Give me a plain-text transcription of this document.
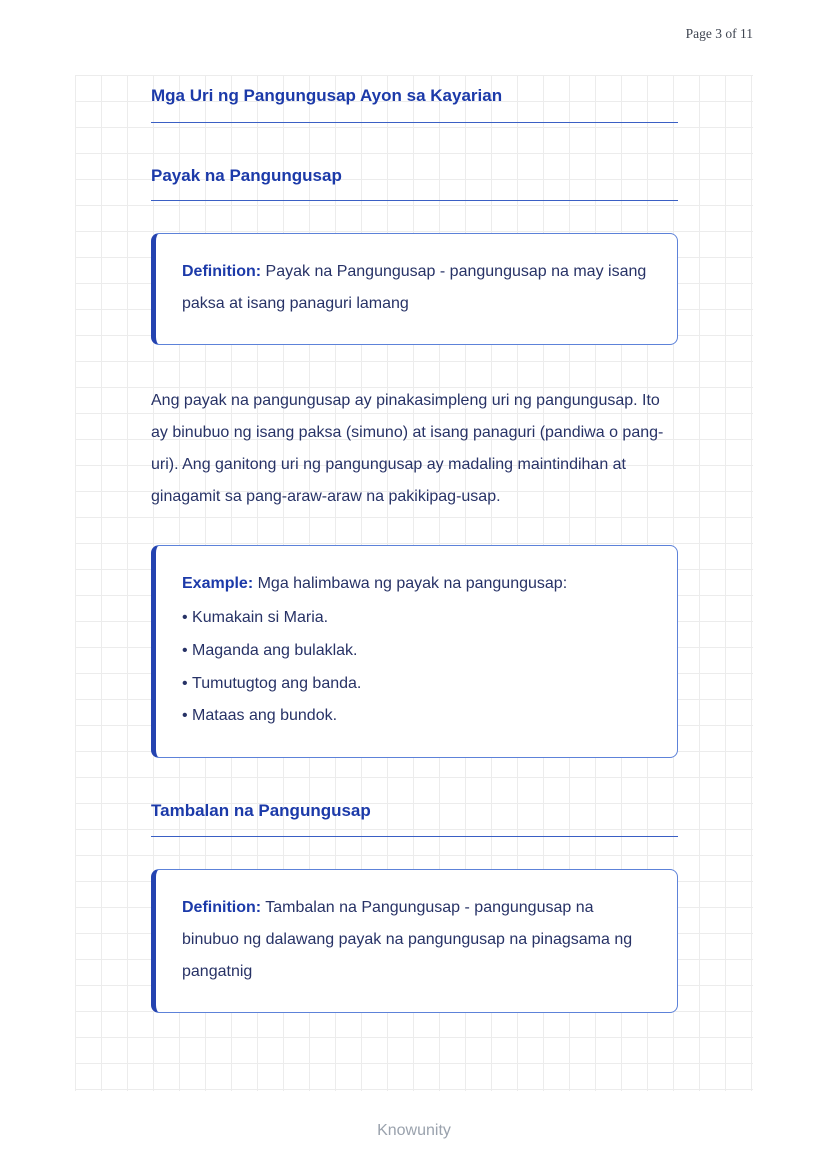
Page 3 of 11
Mga Uri ng Pangungusap Ayon sa Kayarian
Payak na Pangungusap

Definition: Payak na Pangungusap - pangungusap na may isang paksa at isang panaguri lamang

Ang payak na pangungusap ay pinakasimpleng uri ng pangungusap. Ito ay binubuo ng isang paksa (simuno) at isang panaguri (pandiwa o pang-uri). Ang ganitong uri ng pangungusap ay madaling maintindihan at ginagamit sa pang-araw-araw na pakikipag-usap.

Example: Mga halimbawa ng payak na pangungusap:

• Kumakain si Maria.
• Maganda ang bulaklak.
• Tumutugtog ang banda.
• Mataas ang bundok.
Tambalan na Pangungusap

Definition: Tambalan na Pangungusap - pangungusap na binubuo ng dalawang payak na pangungusap na pinagsama ng pangatnig

Knowunity
